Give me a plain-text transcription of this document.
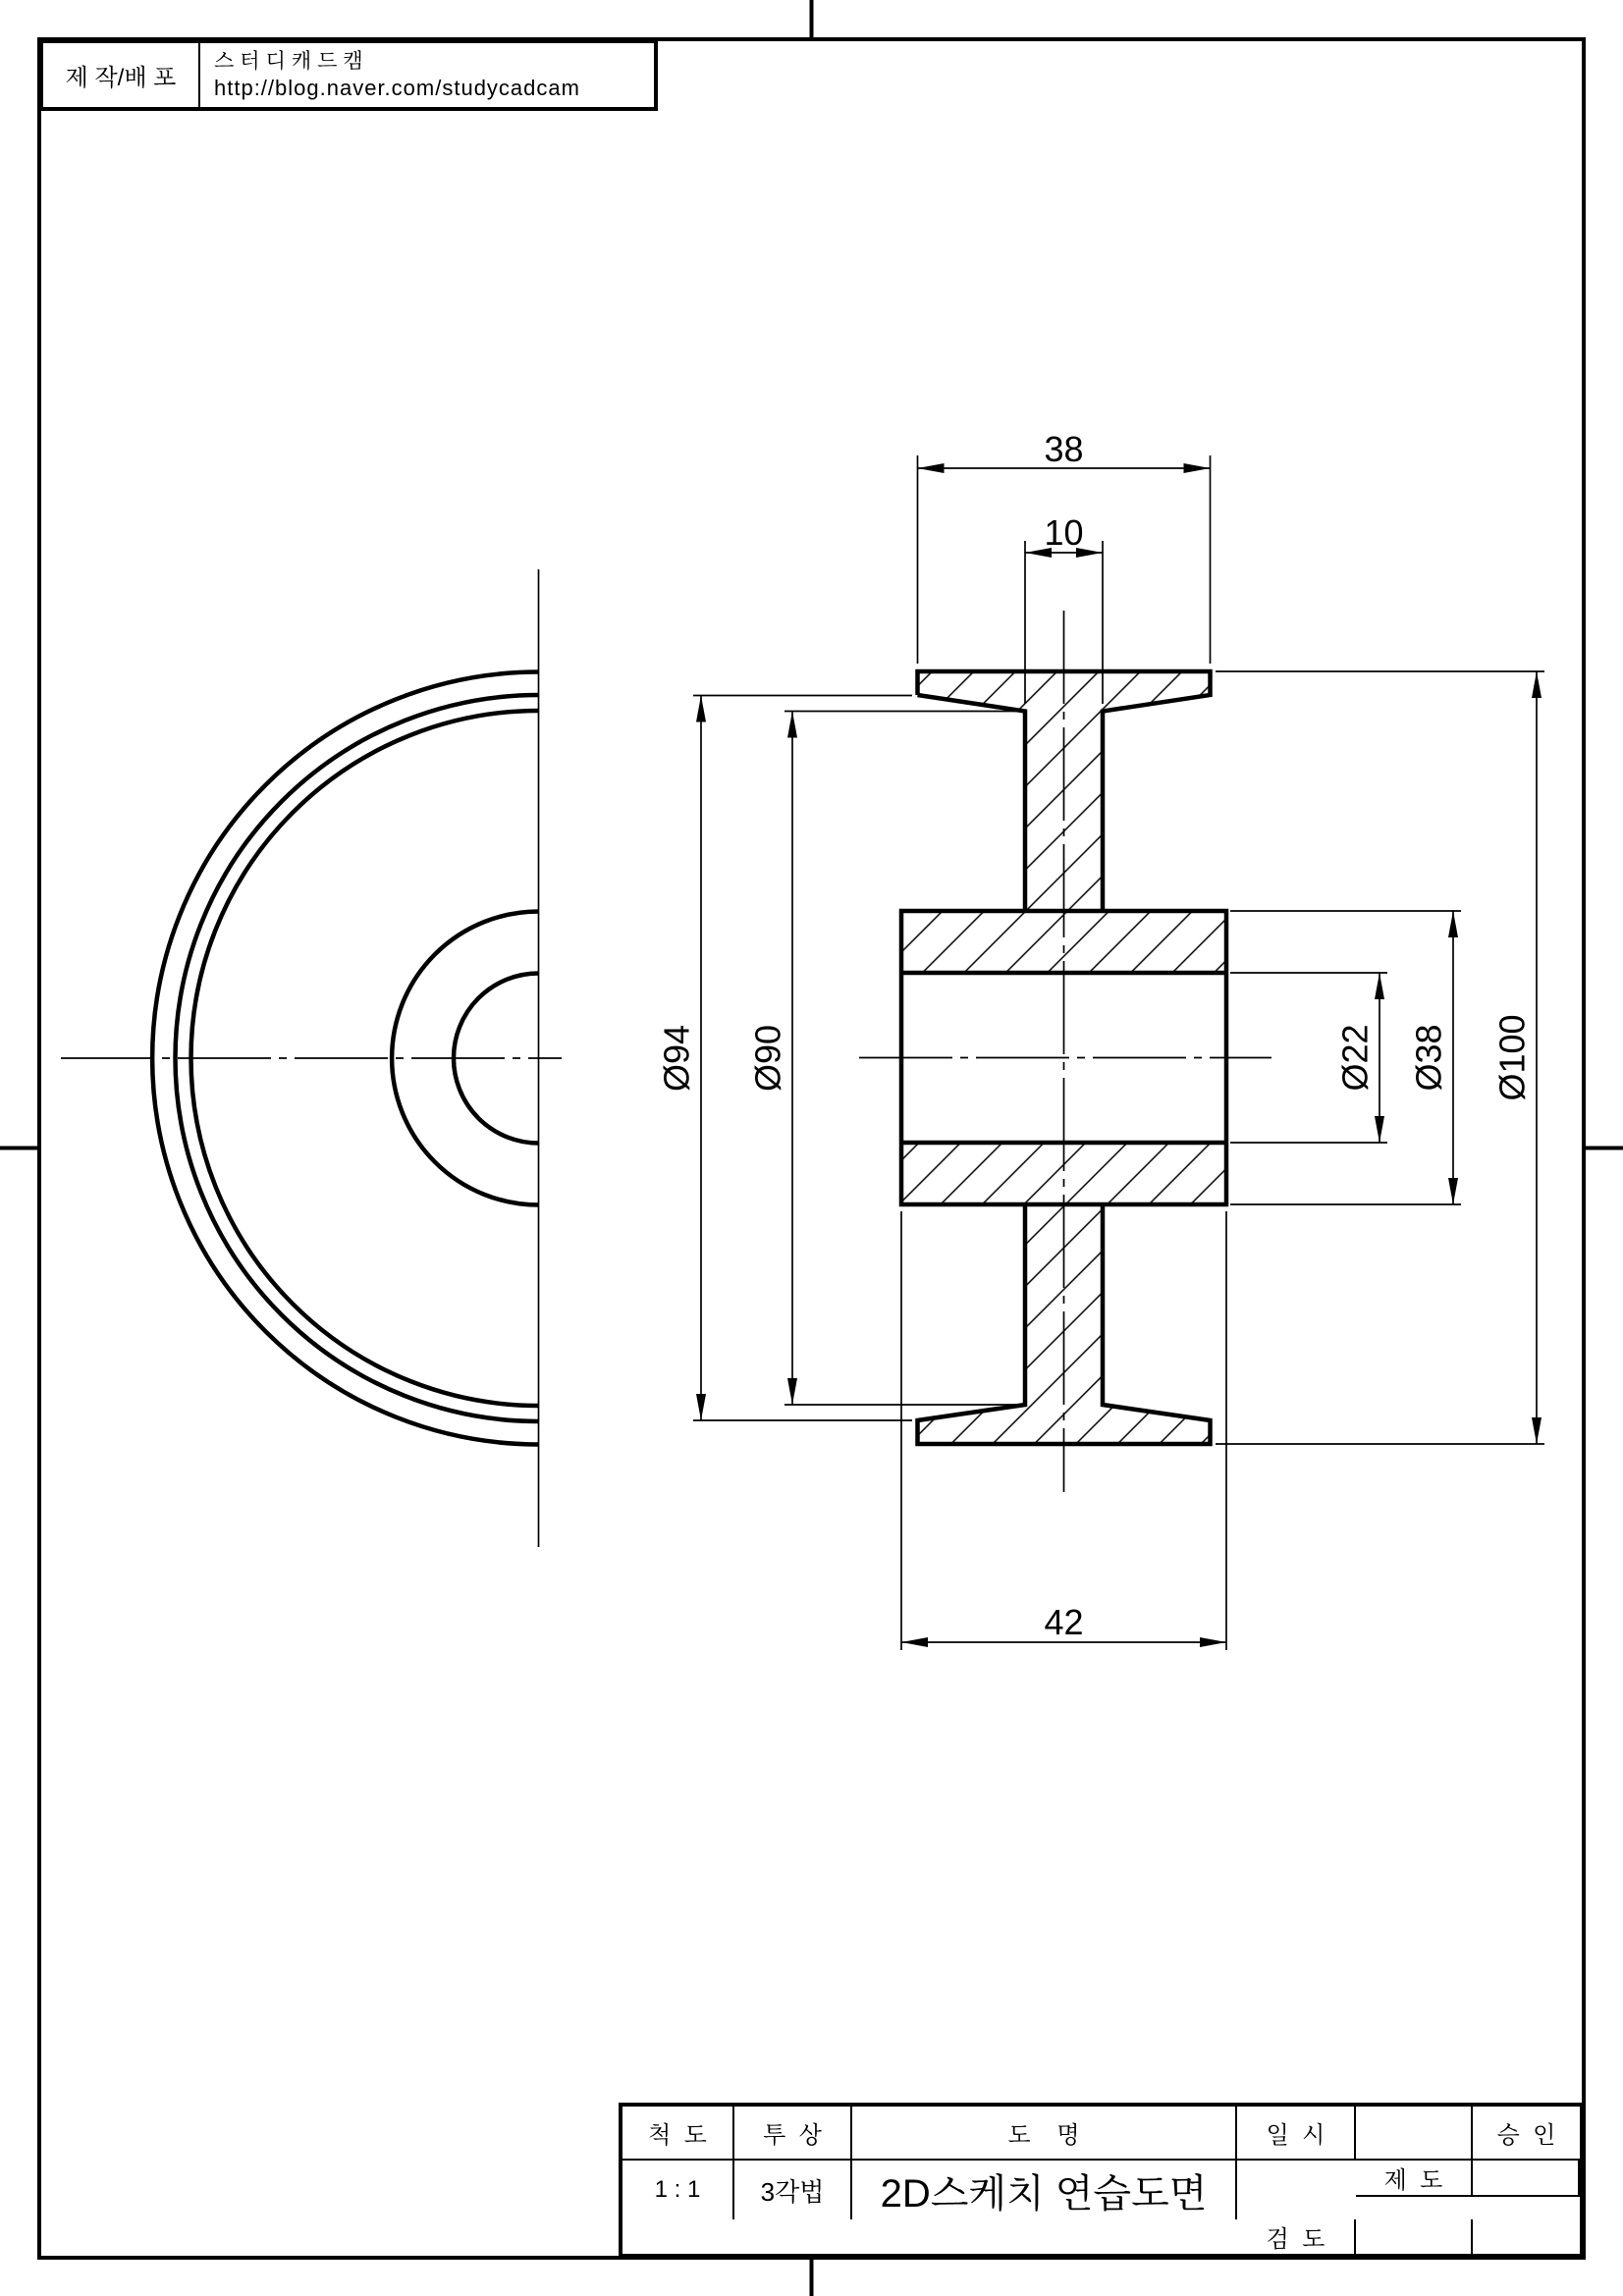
38
10
42
Ø94 Ø90	Ø22 Ø38 Ø100
제 작/배 포
스터디캐드캠
http://blog.naver.com/studycadcam
척  도	투  상	도    명	일  시	승  인
1 : 1	3각법	2D스케치 연습도면	제  도
검  도
